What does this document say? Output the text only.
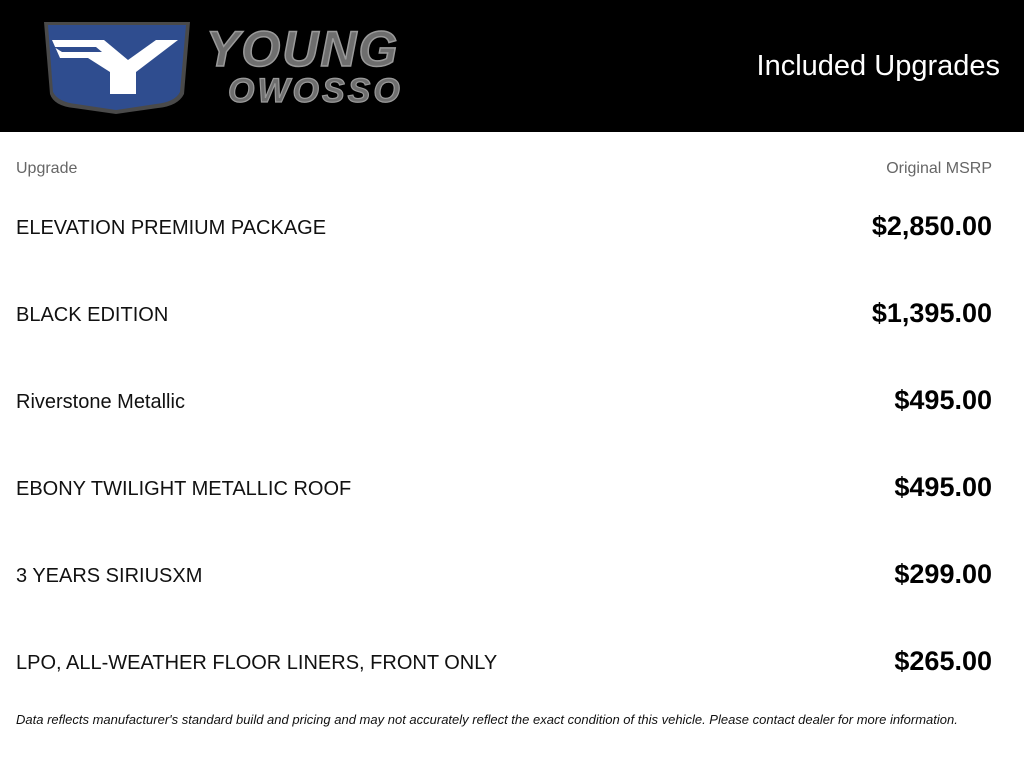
YOUNG
OWOSSO
Included Upgrades
Upgrade	Original MSRP
ELEVATION PREMIUM PACKAGE	$2,850.00
BLACK EDITION	$1,395.00
Riverstone Metallic	$495.00
EBONY TWILIGHT METALLIC ROOF	$495.00
3 YEARS SIRIUSXM	$299.00
LPO, ALL-WEATHER FLOOR LINERS, FRONT ONLY	$265.00
Data reflects manufacturer's standard build and pricing and may not accurately reflect the exact condition of this vehicle. Please contact dealer for more information.
